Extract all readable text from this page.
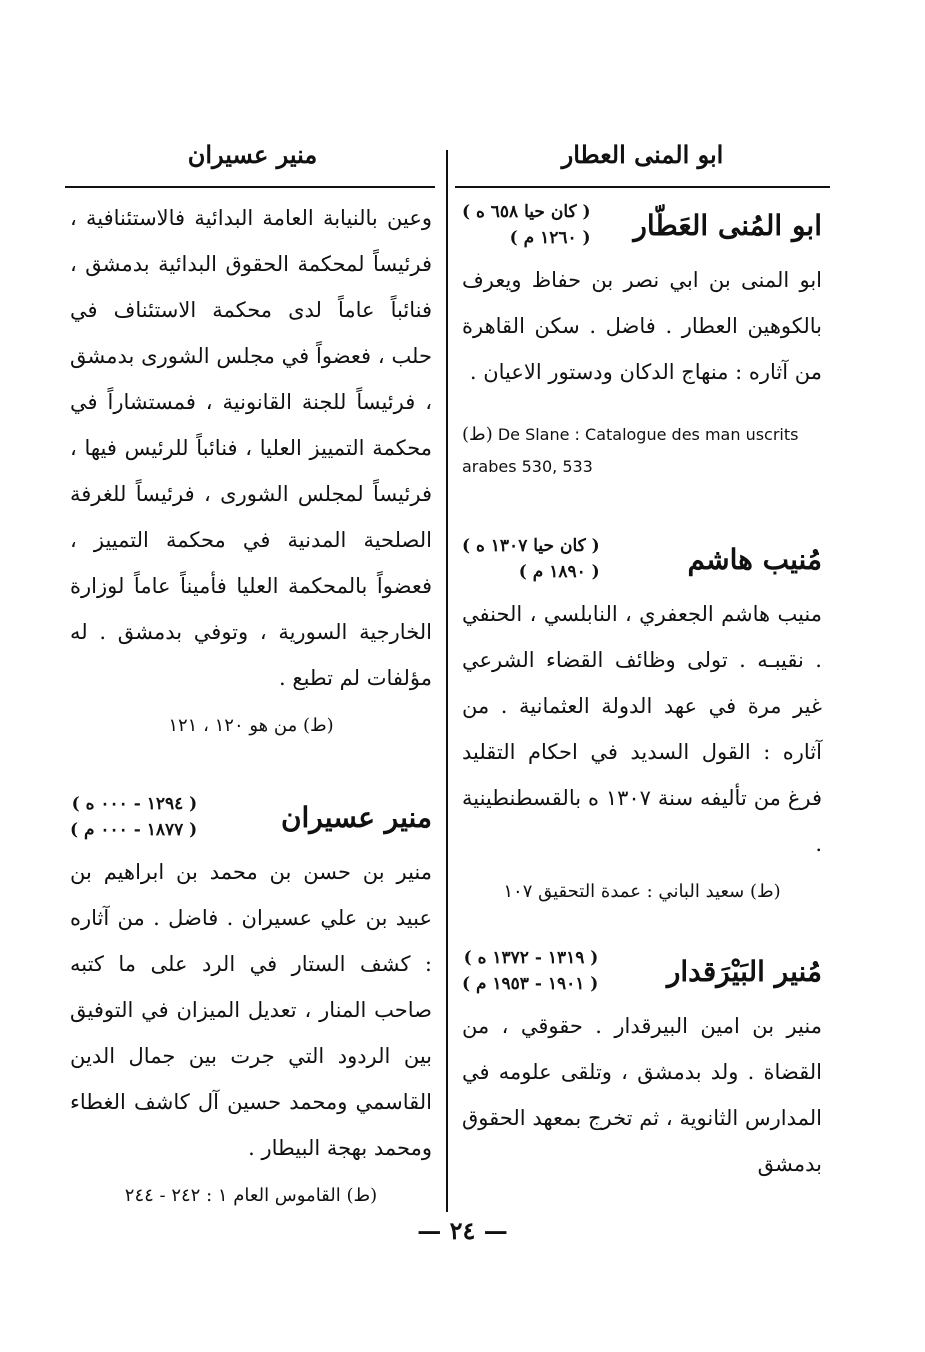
ابو المنى العطار
منير عسيران
ابو المُنى العَطّار
( كان حيا ٦٥٨ ه )
( ١٢٦٠ م )

ابو المنى بن ابي نصر بن حفاظ ويعرف بالكوهين العطار . فاضل . سكن القاهرة من آثاره : منهاج الدكان ودستور الاعيان .

(ط) De Slane : Catalogue des man uscrits arabes 530, 533

مُنيب هاشم
( كان حيا ١٣٠٧ ه )
( ١٨٩٠ م )

منيب هاشم الجعفري ، النابلسي ، الحنفي . نقيبـه . تولى وظائف القضاء الشرعي غير مرة في عهد الدولة العثمانية . من آثاره : القول السديد في احكام التقليد فرغ من تأليفه سنة ١٣٠٧ ه بالقسطنطينية .

(ط) سعيد الباني : عمدة التحقيق ١٠٧

مُنير البَيْرَقدار
( ١٣١٩ - ١٣٧٢ ه )
( ١٩٠١ - ١٩٥٣ م )

منير بن امين البيرقدار . حقوقي ، من القضاة . ولد بدمشق ، وتلقى علومه في المدارس الثانوية ، ثم تخرج بمعهد الحقوق بدمشق

وعين بالنيابة العامة البدائية فالاستئنافية ، فرئيساً لمحكمة الحقوق البدائية بدمشق ، فنائباً عاماً لدى محكمة الاستئناف في حلب ، فعضواً في مجلس الشورى بدمشق ، فرئيساً للجنة القانونية ، فمستشاراً في محكمة التمييز العليا ، فنائباً للرئيس فيها ، فرئيساً لمجلس الشورى ، فرئيساً للغرفة الصلحية المدنية في محكمة التمييز ، فعضواً بالمحكمة العليا فأميناً عاماً لوزارة الخارجية السورية ، وتوفي بدمشق . له مؤلفات لم تطبع .

(ط) من هو ١٢٠ ، ١٢١

منير عسيران
( ١٢٩٤ - ٠٠٠ ه )
( ١٨٧٧ - ٠٠٠ م )

منير بن حسن بن محمد بن ابراهيم بن عبيد بن علي عسيران . فاضل . من آثاره : كشف الستار في الرد على ما كتبه صاحب المنار ، تعديل الميزان في التوفيق بين الردود التي جرت بين جمال الدين القاسمي ومحمد حسين آل كاشف الغطاء ومحمد بهجة البيطار .

(ط) القاموس العام ١ : ٢٤٢ - ٢٤٤

— ٢٤ —
